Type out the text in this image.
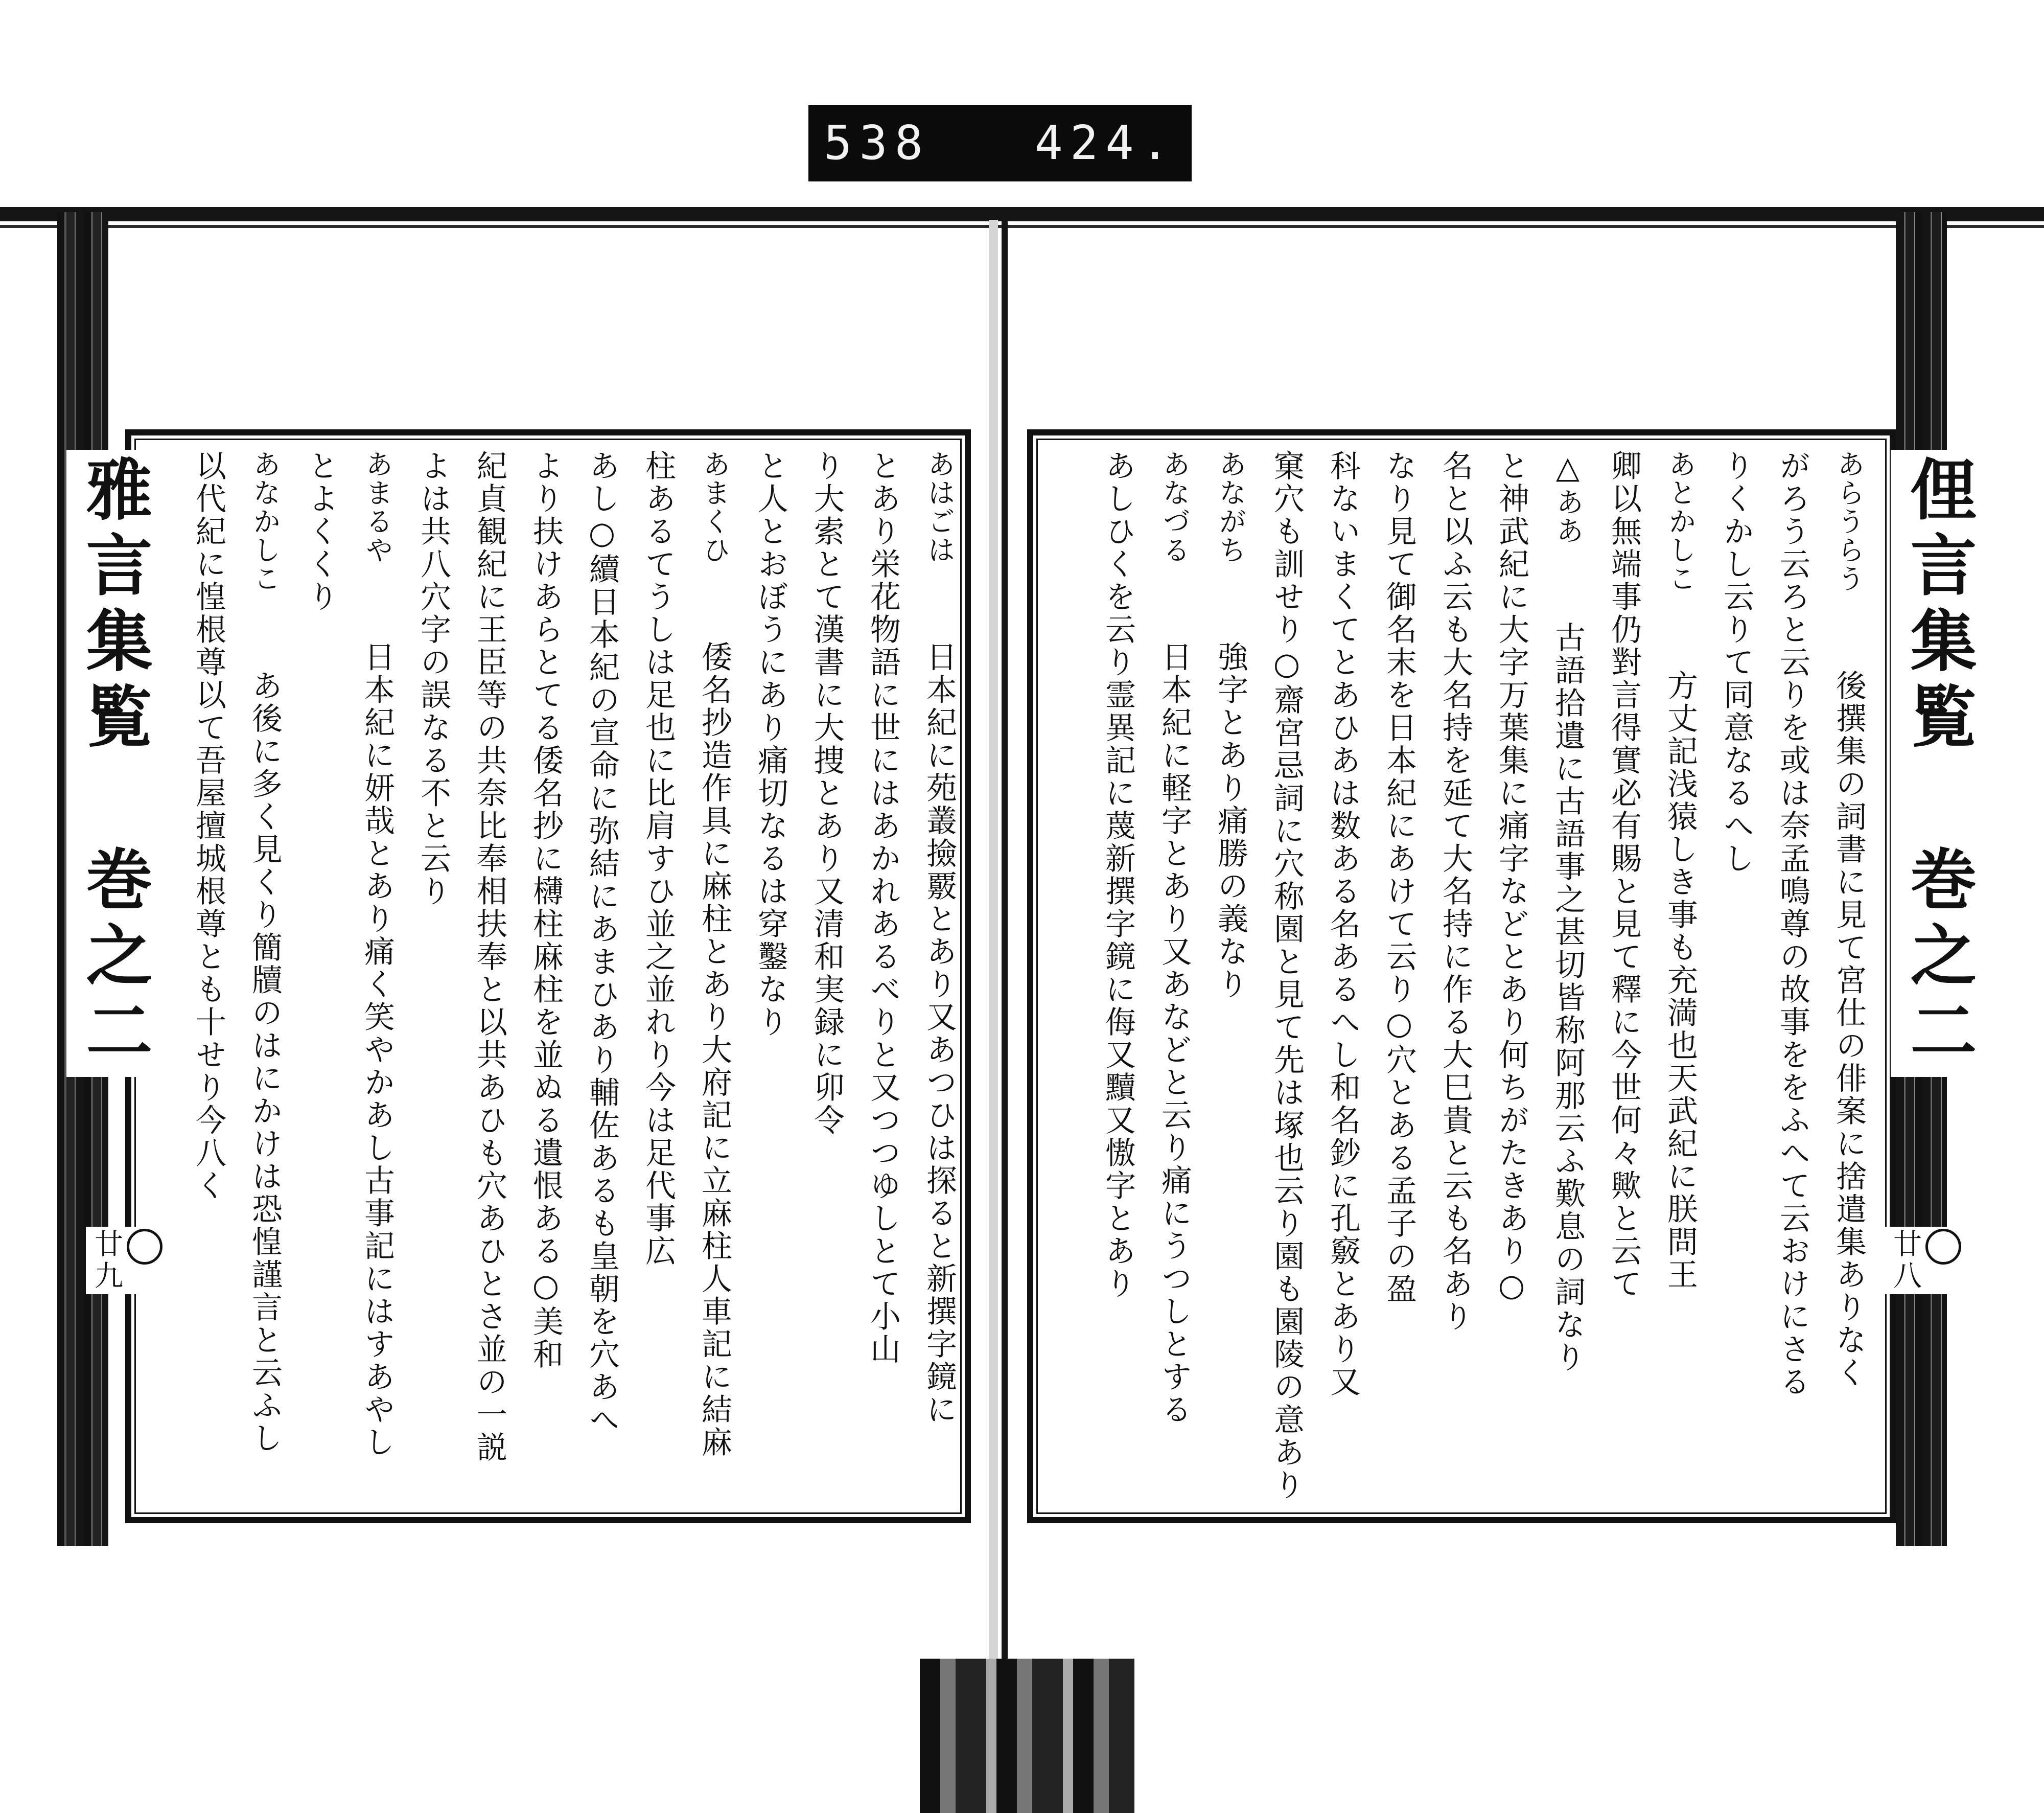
538 424.
雅言集覧 巻之二	俚言集覧 巻之二
廿九	廿八
あはごは日本紀に苑叢撿覈とあり又あつひは探ると新撰字鏡に
とあり栄花物語に世にはあかれあるべりと又つつゆしとて小山
り大索とて漢書に大捜とあり又清和実録に卯令
と人とおぼうにあり痛切なるは穿鑿なり
あまくひ倭名抄造作具に麻柱とあり大府記に立麻柱人車記に結麻
柱あるてうしは足也に比肩すひ並之並れり今は足代事広
あし○續日本紀の宣命に弥結にあまひあり輔佐あるも皇朝を穴あへ
より扶けあらとてる倭名抄に欂柱麻柱を並ぬる遺恨ある○美和
紀貞観紀に王臣等の共奈比奉相扶奉と以共あひも穴あひとさ並の一説
よは共八穴字の誤なる不と云り
あまるや日本紀に妍哉とあり痛く笑やかあし古事記にはすあやし
とよくくり
あなかしこあ後に多く見くり簡牘のはにかけは恐惶謹言と云ふし
以代紀に惶根尊以て吾屋擅城根尊とも十せり今八く	あらうらう後撰集の詞書に見て宮仕の俳案に捨遣集ありなく
がろう云ろと云りを或は奈孟鳴尊の故事ををふへて云おけにさる
りくかし云りて同意なるへし
あとかしこ方丈記浅猿しき事も充満也天武紀に朕問王
卿以無端事仍對言得實必有賜と見て釋に今世何々歟と云て
△ああ古語拾遺に古語事之甚切皆称阿那云ふ歎息の詞なり
と神武紀に大字万葉集に痛字などとあり何ちがたきあり○
名と以ふ云も大名持を延て大名持に作る大巳貴と云も名あり
なり見て御名末を日本紀にあけて云り○穴とある孟子の盈
科ないまくてとあひあは数ある名あるへし和名鈔に孔竅とあり又
窠穴も訓せり○齋宮忌詞に穴称園と見て先は塚也云り園も園陵の意あり
あながち強字とあり痛勝の義なり
あなづる日本紀に軽字とあり又あなどと云り痛にうつしとする
あしひくを云り霊異記に蔑新撰字鏡に侮又黷又慠字とあり
